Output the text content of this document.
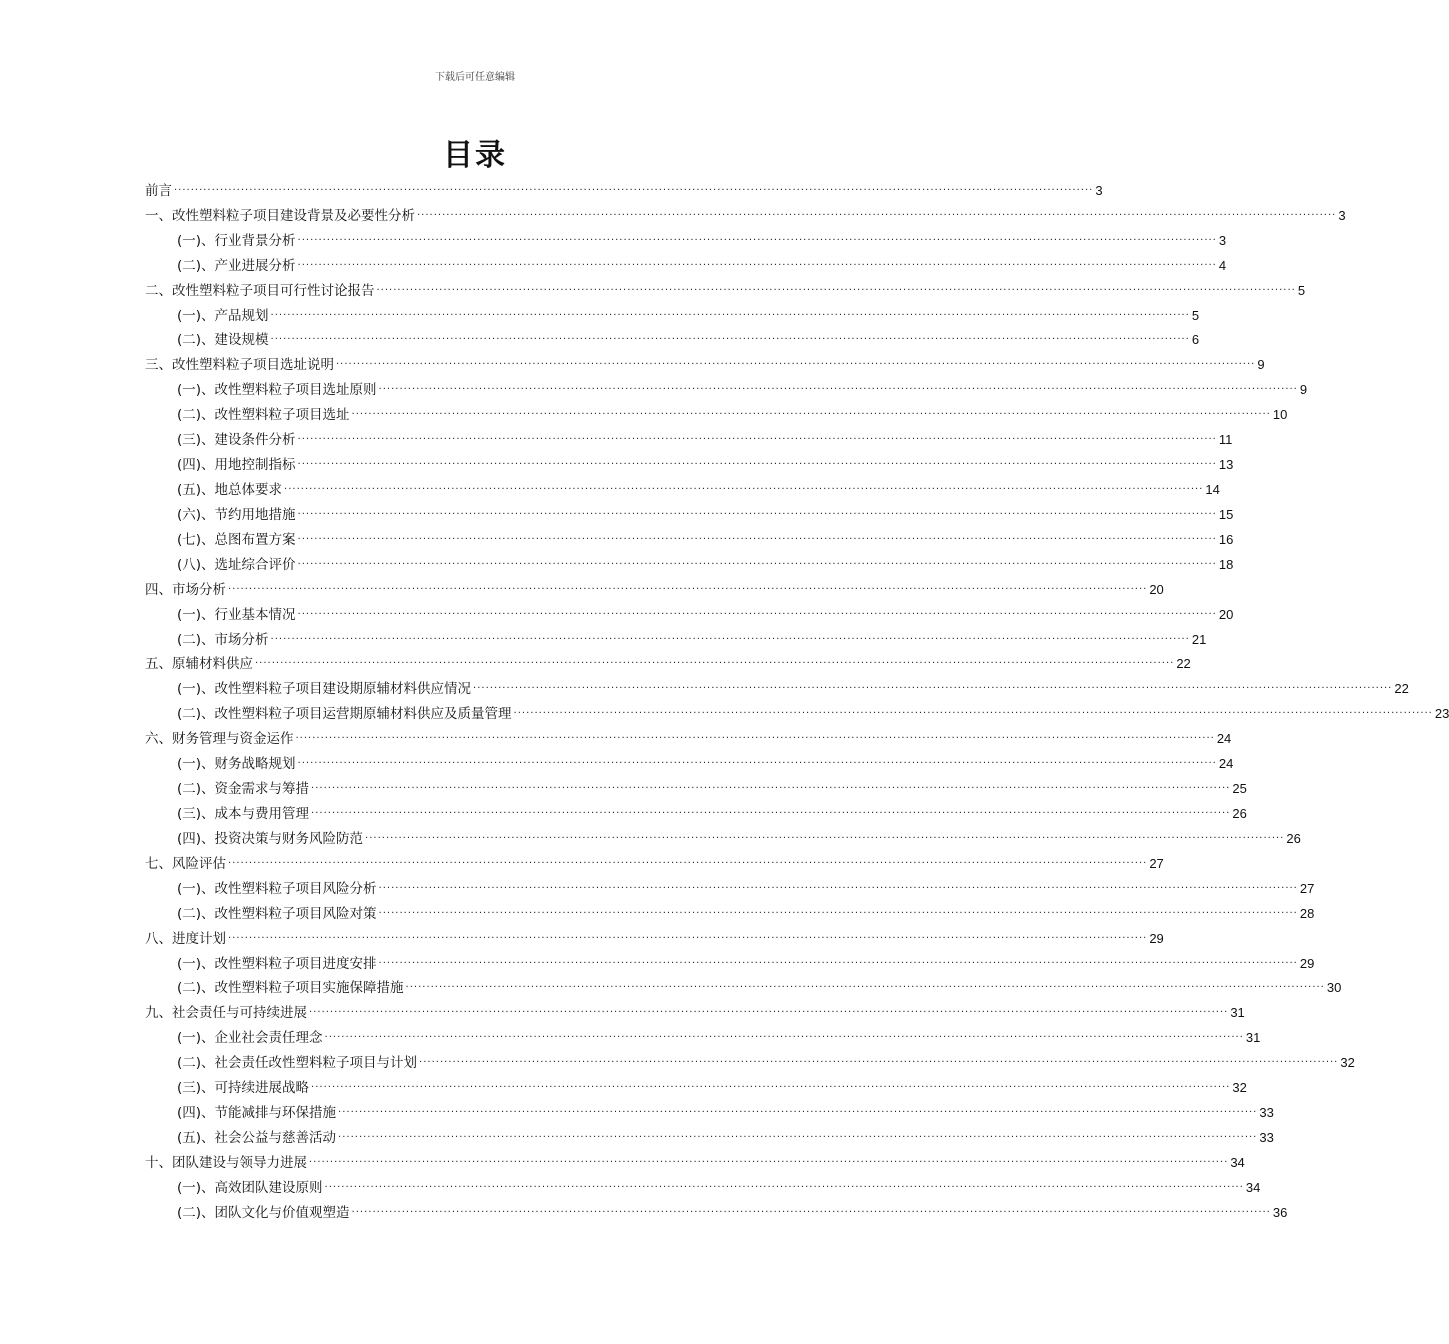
下载后可任意编辑
目录
前言 ............................................................................................................................................................................................................................ 3
一、改性塑料粒子项目建设背景及必要性分析 ............................................................................................................................................................................................................................ 3
(一)、行业背景分析 ............................................................................................................................................................................................................................ 3
(二)、产业进展分析 ............................................................................................................................................................................................................................ 4
二、改性塑料粒子项目可行性讨论报告 ............................................................................................................................................................................................................................ 5
(一)、产品规划 ............................................................................................................................................................................................................................ 5
(二)、建设规模 ............................................................................................................................................................................................................................ 6
三、改性塑料粒子项目选址说明 ............................................................................................................................................................................................................................ 9
(一)、改性塑料粒子项目选址原则 ............................................................................................................................................................................................................................ 9
(二)、改性塑料粒子项目选址 ............................................................................................................................................................................................................................ 10
(三)、建设条件分析 ............................................................................................................................................................................................................................ 11
(四)、用地控制指标 ............................................................................................................................................................................................................................ 13
(五)、地总体要求 ............................................................................................................................................................................................................................ 14
(六)、节约用地措施 ............................................................................................................................................................................................................................ 15
(七)、总图布置方案 ............................................................................................................................................................................................................................ 16
(八)、选址综合评价 ............................................................................................................................................................................................................................ 18
四、市场分析 ............................................................................................................................................................................................................................ 20
(一)、行业基本情况 ............................................................................................................................................................................................................................ 20
(二)、市场分析 ............................................................................................................................................................................................................................ 21
五、原辅材料供应 ............................................................................................................................................................................................................................ 22
(一)、改性塑料粒子项目建设期原辅材料供应情况 ............................................................................................................................................................................................................................ 22
(二)、改性塑料粒子项目运营期原辅材料供应及质量管理 ............................................................................................................................................................................................................................ 23
六、财务管理与资金运作 ............................................................................................................................................................................................................................ 24
(一)、财务战略规划 ............................................................................................................................................................................................................................ 24
(二)、资金需求与筹措 ............................................................................................................................................................................................................................ 25
(三)、成本与费用管理 ............................................................................................................................................................................................................................ 26
(四)、投资决策与财务风险防范 ............................................................................................................................................................................................................................ 26
七、风险评估 ............................................................................................................................................................................................................................ 27
(一)、改性塑料粒子项目风险分析 ............................................................................................................................................................................................................................ 27
(二)、改性塑料粒子项目风险对策 ............................................................................................................................................................................................................................ 28
八、进度计划 ............................................................................................................................................................................................................................ 29
(一)、改性塑料粒子项目进度安排 ............................................................................................................................................................................................................................ 29
(二)、改性塑料粒子项目实施保障措施 ............................................................................................................................................................................................................................ 30
九、社会责任与可持续进展 ............................................................................................................................................................................................................................ 31
(一)、企业社会责任理念 ............................................................................................................................................................................................................................ 31
(二)、社会责任改性塑料粒子项目与计划 ............................................................................................................................................................................................................................ 32
(三)、可持续进展战略 ............................................................................................................................................................................................................................ 32
(四)、节能减排与环保措施 ............................................................................................................................................................................................................................ 33
(五)、社会公益与慈善活动 ............................................................................................................................................................................................................................ 33
十、团队建设与领导力进展 ............................................................................................................................................................................................................................ 34
(一)、高效团队建设原则 ............................................................................................................................................................................................................................ 34
(二)、团队文化与价值观塑造 ............................................................................................................................................................................................................................ 36
